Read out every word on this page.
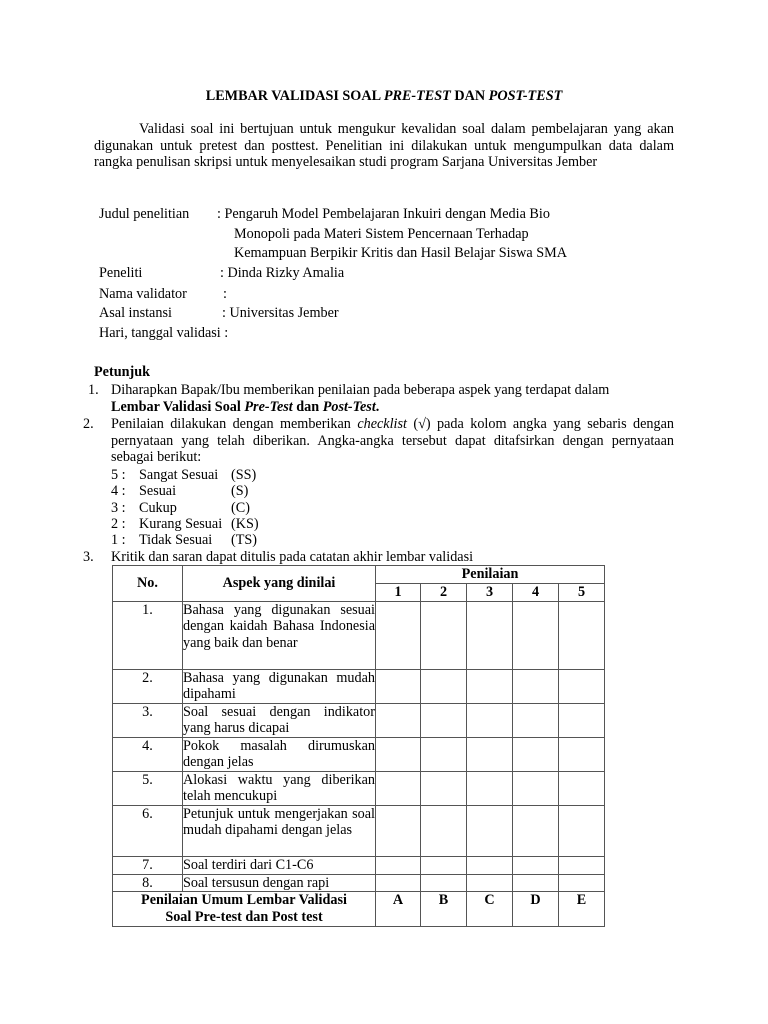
LEMBAR VALIDASI SOAL PRE-TEST DAN POST-TEST
Validasi soal ini bertujuan untuk mengukur kevalidan soal dalam pembelajaran yang akan digunakan untuk pretest dan posttest. Penelitian ini dilakukan untuk mengumpulkan data dalam rangka penulisan skripsi untuk menyelesaikan studi program Sarjana Universitas Jember
Judul penelitian : Pengaruh Model Pembelajaran Inkuiri dengan Media Bio
Monopoli pada Materi Sistem Pencernaan Terhadap
Kemampuan Berpikir Kritis dan Hasil Belajar Siswa SMA
Peneliti	: Dinda Rizky Amalia
Nama validator	:
Asal instansi	: Universitas Jember
Hari, tanggal validasi :
Petunjuk
1. Diharapkan Bapak/Ibu memberikan penilaian pada beberapa aspek yang terdapat dalam
Lembar Validasi Soal Pre-Test dan Post-Test.
2. Penilaian dilakukan dengan memberikan checklist (√) pada kolom angka yang sebaris dengan pernyataan yang telah diberikan. Angka-angka tersebut dapat ditafsirkan dengan pernyataan sebagai berikut:
5 : Sangat Sesuai (SS)
4 : Sesuai	(S)
3 : Cukup	(C)
2 : Kurang Sesuai (KS)
1 : Tidak Sesuai (TS)
3. Kritik dan saran dapat ditulis pada catatan akhir lembar validasi
No.	Aspek yang dinilai	Penilaian				
		1	2	3	4	5
1.	Bahasa yang digunakan sesuai dengan kaidah Bahasa Indonesia yang baik dan benar					
2.	Bahasa yang digunakan mudah dipahami					
3.	Soal sesuai dengan indikator yang harus dicapai					
4.	Pokok masalah dirumuskan dengan jelas					
5.	Alokasi waktu yang diberikan telah mencukupi					
6.	Petunjuk untuk mengerjakan soal mudah dipahami dengan jelas					
7.	Soal terdiri dari C1-C6					
8.	Soal tersusun dengan rapi					
Penilaian Umum Lembar Validasi
Soal Pre-test dan Post test		A	B	C	D	E
